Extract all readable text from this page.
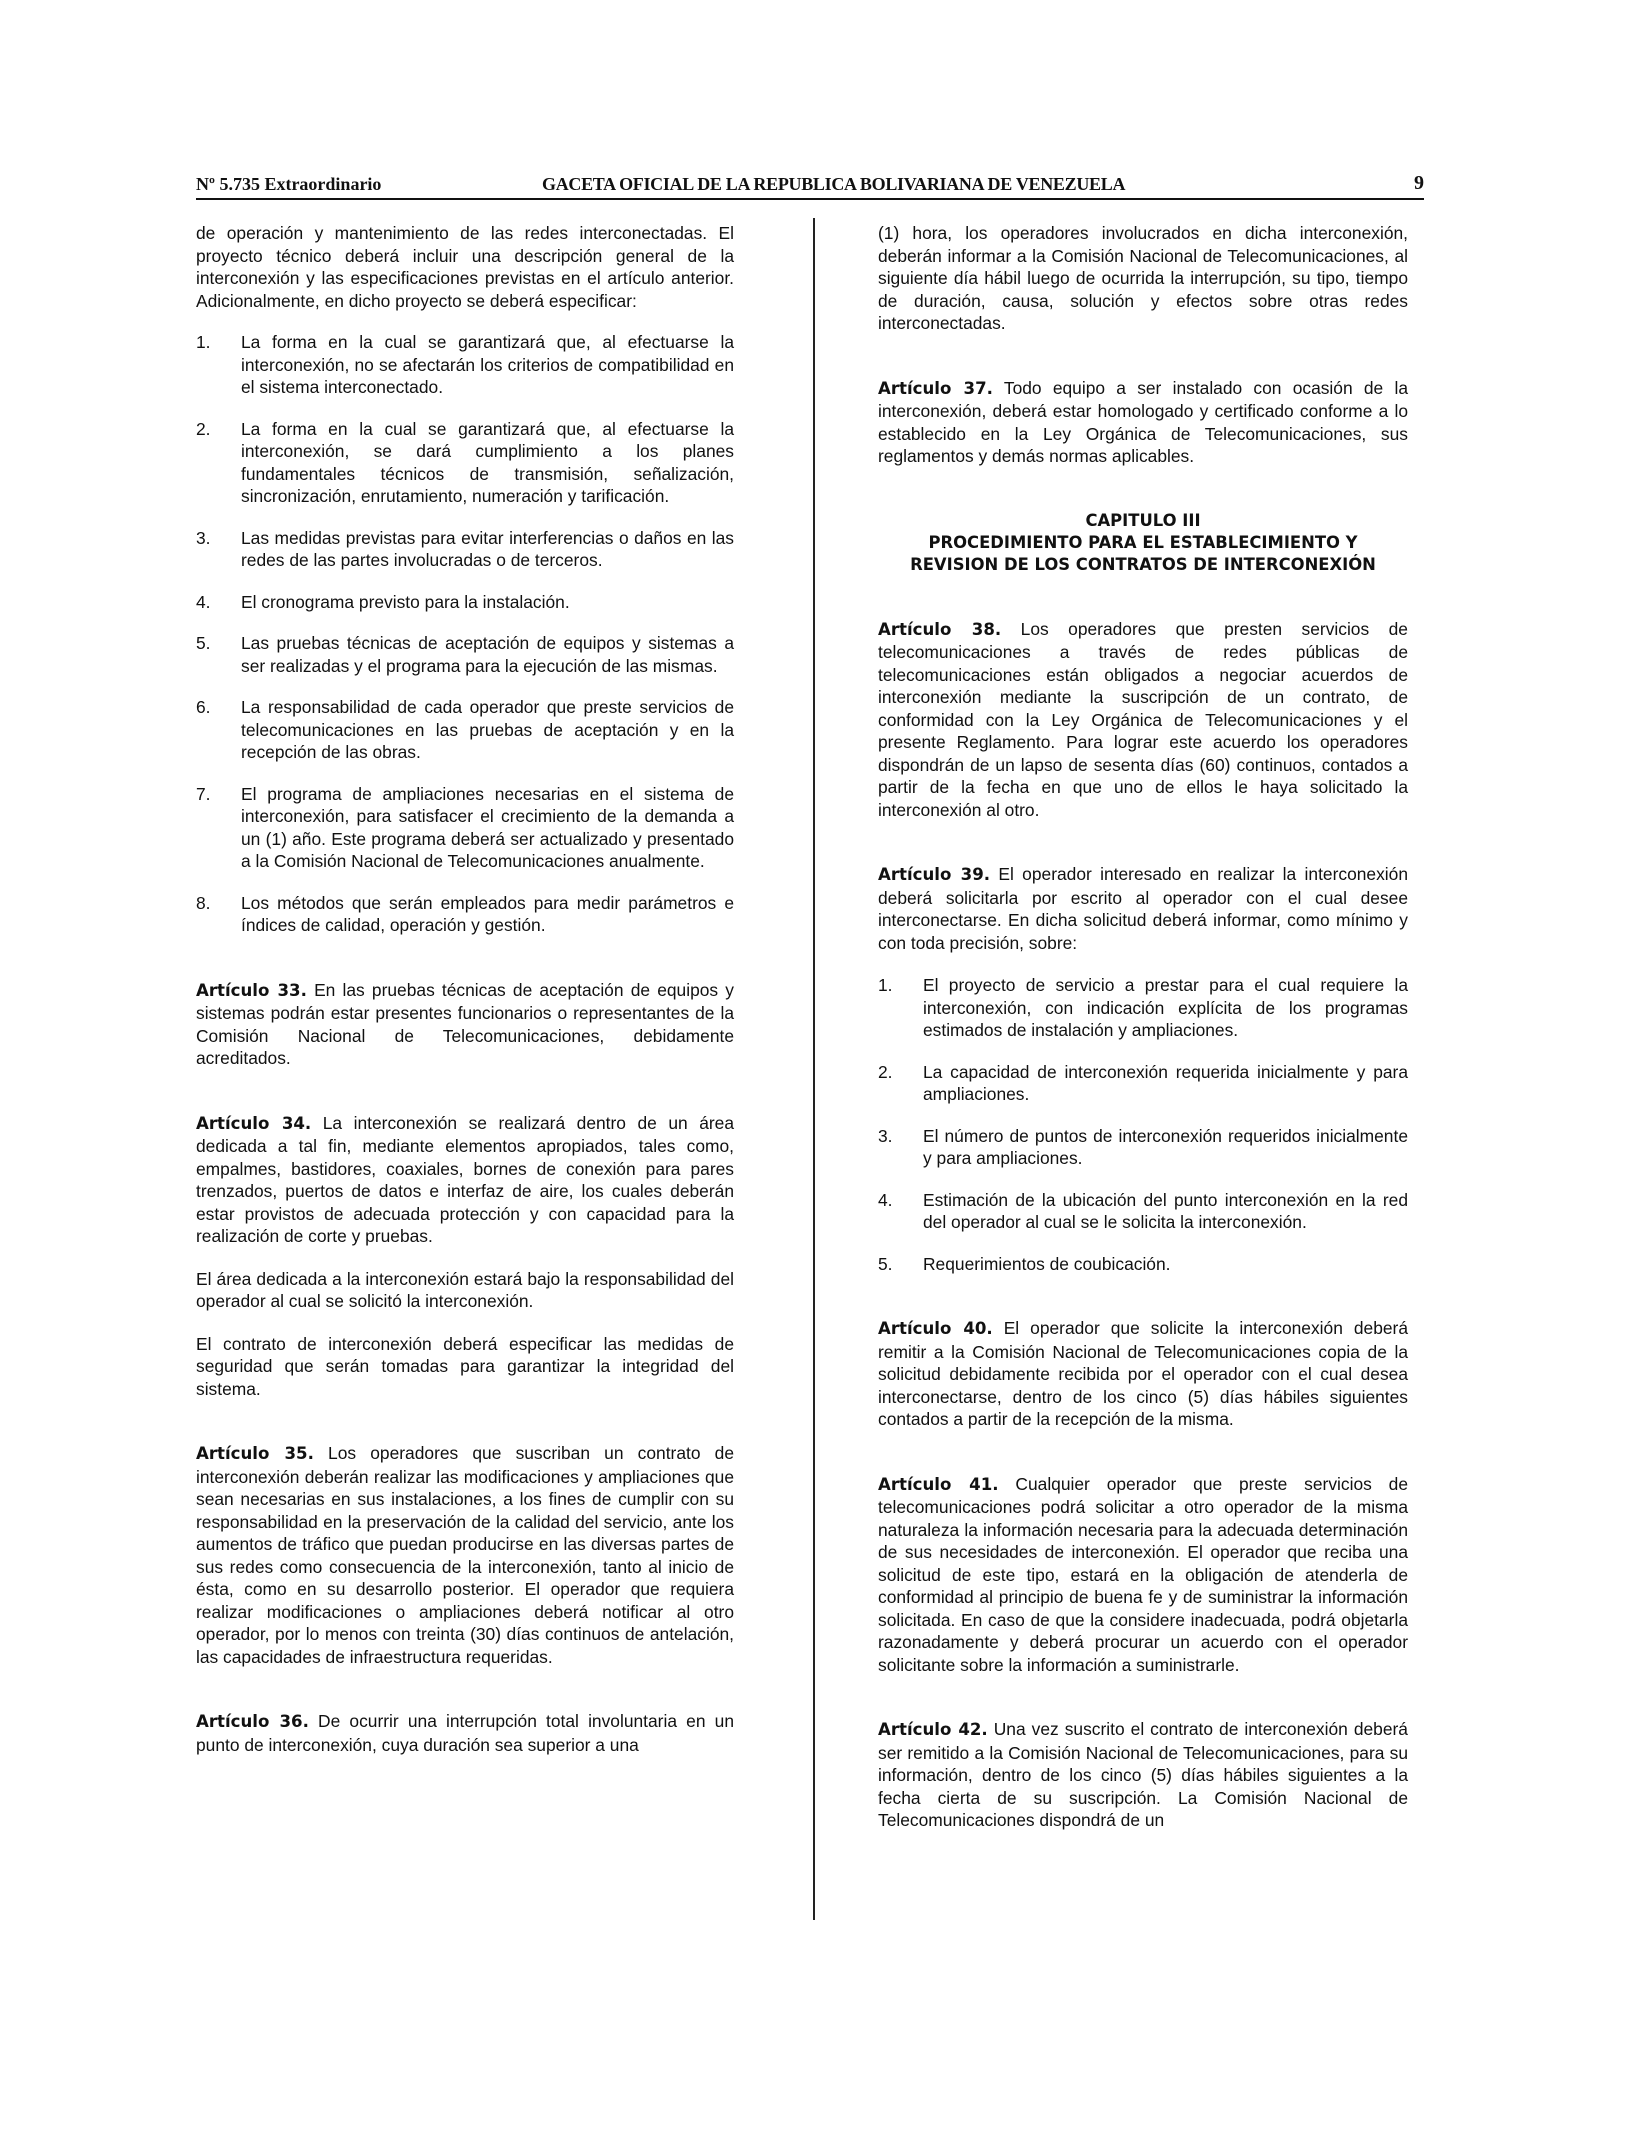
Nº 5.735 Extraordinario	GACETA OFICIAL DE LA REPUBLICA BOLIVARIANA DE VENEZUELA	9

de operación y mantenimiento de las redes interconectadas. El proyecto técnico deberá incluir una descripción general de la interconexión y las especificaciones previstas en el artículo anterior. Adicionalmente, en dicho proyecto se deberá especificar:

1. La forma en la cual se garantizará que, al efectuarse la interconexión, no se afectarán los criterios de compatibilidad en el sistema interconectado.
2. La forma en la cual se garantizará que, al efectuarse la interconexión, se dará cumplimiento a los planes fundamentales técnicos de transmisión, señalización, sincronización, enrutamiento, numeración y tarificación.
3. Las medidas previstas para evitar interferencias o daños en las redes de las partes involucradas o de terceros.
4. El cronograma previsto para la instalación.
5. Las pruebas técnicas de aceptación de equipos y sistemas a ser realizadas y el programa para la ejecución de las mismas.
6. La responsabilidad de cada operador que preste servicios de telecomunicaciones en las pruebas de aceptación y en la recepción de las obras.
7. El programa de ampliaciones necesarias en el sistema de interconexión, para satisfacer el crecimiento de la demanda a un (1) año. Este programa deberá ser actualizado y presentado a la Comisión Nacional de Telecomunicaciones anualmente.
8. Los métodos que serán empleados para medir parámetros e índices de calidad, operación y gestión.

Artículo 33. En las pruebas técnicas de aceptación de equipos y sistemas podrán estar presentes funcionarios o representantes de la Comisión Nacional de Telecomunicaciones, debidamente acreditados.

Artículo 34. La interconexión se realizará dentro de un área dedicada a tal fin, mediante elementos apropiados, tales como, empalmes, bastidores, coaxiales, bornes de conexión para pares trenzados, puertos de datos e interfaz de aire, los cuales deberán estar provistos de adecuada protección y con capacidad para la realización de corte y pruebas.

El área dedicada a la interconexión estará bajo la responsabilidad del operador al cual se solicitó la interconexión.

El contrato de interconexión deberá especificar las medidas de seguridad que serán tomadas para garantizar la integridad del sistema.

Artículo 35. Los operadores que suscriban un contrato de interconexión deberán realizar las modificaciones y ampliaciones que sean necesarias en sus instalaciones, a los fines de cumplir con su responsabilidad en la preservación de la calidad del servicio, ante los aumentos de tráfico que puedan producirse en las diversas partes de sus redes como consecuencia de la interconexión, tanto al inicio de ésta, como en su desarrollo posterior. El operador que requiera realizar modificaciones o ampliaciones deberá notificar al otro operador, por lo menos con treinta (30) días continuos de antelación, las capacidades de infraestructura requeridas.

Artículo 36. De ocurrir una interrupción total involuntaria en un punto de interconexión, cuya duración sea superior a una

(1) hora, los operadores involucrados en dicha interconexión, deberán informar a la Comisión Nacional de Telecomunicaciones, al siguiente día hábil luego de ocurrida la interrupción, su tipo, tiempo de duración, causa, solución y efectos sobre otras redes interconectadas.

Artículo 37. Todo equipo a ser instalado con ocasión de la interconexión, deberá estar homologado y certificado conforme a lo establecido en la Ley Orgánica de Telecomunicaciones, sus reglamentos y demás normas aplicables.

CAPITULO III
PROCEDIMIENTO PARA EL ESTABLECIMIENTO Y
REVISION DE LOS CONTRATOS DE INTERCONEXIÓN

Artículo 38. Los operadores que presten servicios de telecomunicaciones a través de redes públicas de telecomunicaciones están obligados a negociar acuerdos de interconexión mediante la suscripción de un contrato, de conformidad con la Ley Orgánica de Telecomunicaciones y el presente Reglamento. Para lograr este acuerdo los operadores dispondrán de un lapso de sesenta días (60) continuos, contados a partir de la fecha en que uno de ellos le haya solicitado la interconexión al otro.

Artículo 39. El operador interesado en realizar la interconexión deberá solicitarla por escrito al operador con el cual desee interconectarse. En dicha solicitud deberá informar, como mínimo y con toda precisión, sobre:

1. El proyecto de servicio a prestar para el cual requiere la interconexión, con indicación explícita de los programas estimados de instalación y ampliaciones.
2. La capacidad de interconexión requerida inicialmente y para ampliaciones.
3. El número de puntos de interconexión requeridos inicialmente y para ampliaciones.
4. Estimación de la ubicación del punto interconexión en la red del operador al cual se le solicita la interconexión.
5. Requerimientos de coubicación.

Artículo 40. El operador que solicite la interconexión deberá remitir a la Comisión Nacional de Telecomunicaciones copia de la solicitud debidamente recibida por el operador con el cual desea interconectarse, dentro de los cinco (5) días hábiles siguientes contados a partir de la recepción de la misma.

Artículo 41. Cualquier operador que preste servicios de telecomunicaciones podrá solicitar a otro operador de la misma naturaleza la información necesaria para la adecuada determinación de sus necesidades de interconexión. El operador que reciba una solicitud de este tipo, estará en la obligación de atenderla de conformidad al principio de buena fe y de suministrar la información solicitada. En caso de que la considere inadecuada, podrá objetarla razonadamente y deberá procurar un acuerdo con el operador solicitante sobre la información a suministrarle.

Artículo 42. Una vez suscrito el contrato de interconexión deberá ser remitido a la Comisión Nacional de Telecomunicaciones, para su información, dentro de los cinco (5) días hábiles siguientes a la fecha cierta de su suscripción. La Comisión Nacional de Telecomunicaciones dispondrá de un
